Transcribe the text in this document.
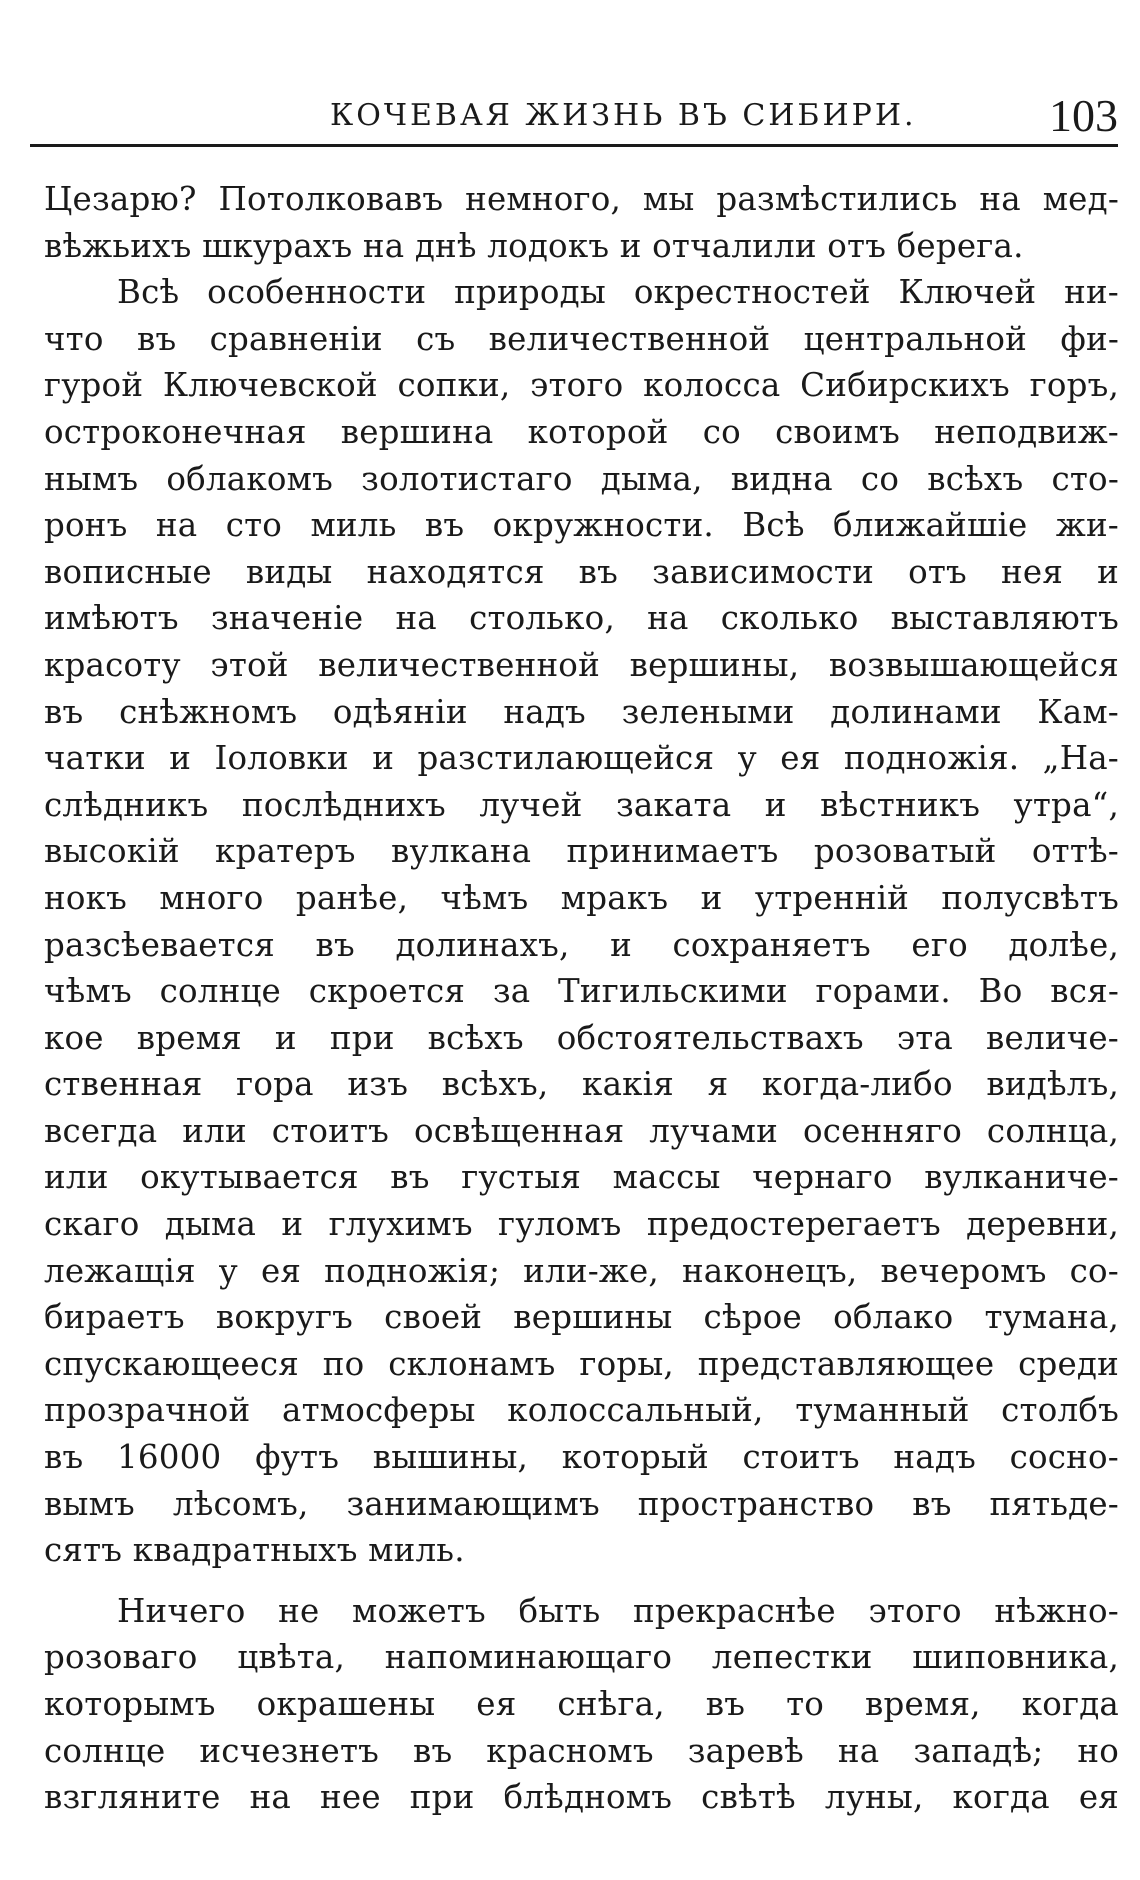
КОЧЕВАЯ ЖИЗНЬ ВЪ СИБИРИ.	103
Цезарю? Потолковавъ немного, мы размѣстились на мед-
вѣжьихъ шкурахъ на днѣ лодокъ и отчалили отъ берега.
Всѣ особенности природы окрестностей Ключей ни-
что въ сравненіи съ величественной центральной фи-
гурой Ключевской сопки, этого колосса Сибирскихъ горъ,
остроконечная вершина которой со своимъ неподвиж-
нымъ облакомъ золотистаго дыма, видна со всѣхъ сто-
ронъ на сто миль въ окружности. Всѣ ближайшіе жи-
вописные виды находятся въ зависимости отъ нея и
имѣютъ значеніе на столько, на сколько выставляютъ
красоту этой величественной вершины, возвышающейся
въ снѣжномъ одѣяніи надъ зелеными долинами Кам-
чатки и Іоловки и разстилающейся у ея подножія. „На-
слѣдникъ послѣднихъ лучей заката и вѣстникъ утра“,
высокій кратеръ вулкана принимаетъ розоватый оттѣ-
нокъ много ранѣе, чѣмъ мракъ и утренній полусвѣтъ
разсѣевается въ долинахъ, и сохраняетъ его долѣе,
чѣмъ солнце скроется за Тигильскими горами. Во вся-
кое время и при всѣхъ обстоятельствахъ эта величе-
ственная гора изъ всѣхъ, какія я когда-либо видѣлъ,
всегда или стоитъ освѣщенная лучами осенняго солнца,
или окутывается въ густыя массы чернаго вулканиче-
скаго дыма и глухимъ гуломъ предостерегаетъ деревни,
лежащія у ея подножія; или-же, наконецъ, вечеромъ со-
бираетъ вокругъ своей вершины сѣрое облако тумана,
спускающееся по склонамъ горы, представляющее среди
прозрачной атмосферы колоссальный, туманный столбъ
въ 16000 футъ вышины, который стоитъ надъ сосно-
вымъ лѣсомъ, занимающимъ пространство въ пятьде-
сятъ квадратныхъ миль.
Ничего не можетъ быть прекраснѣе этого нѣжно-
розоваго цвѣта, напоминающаго лепестки шиповника,
которымъ окрашены ея снѣга, въ то время, когда
солнце исчезнетъ въ красномъ заревѣ на западѣ; но
взгляните на нее при блѣдномъ свѣтѣ луны, когда ея
